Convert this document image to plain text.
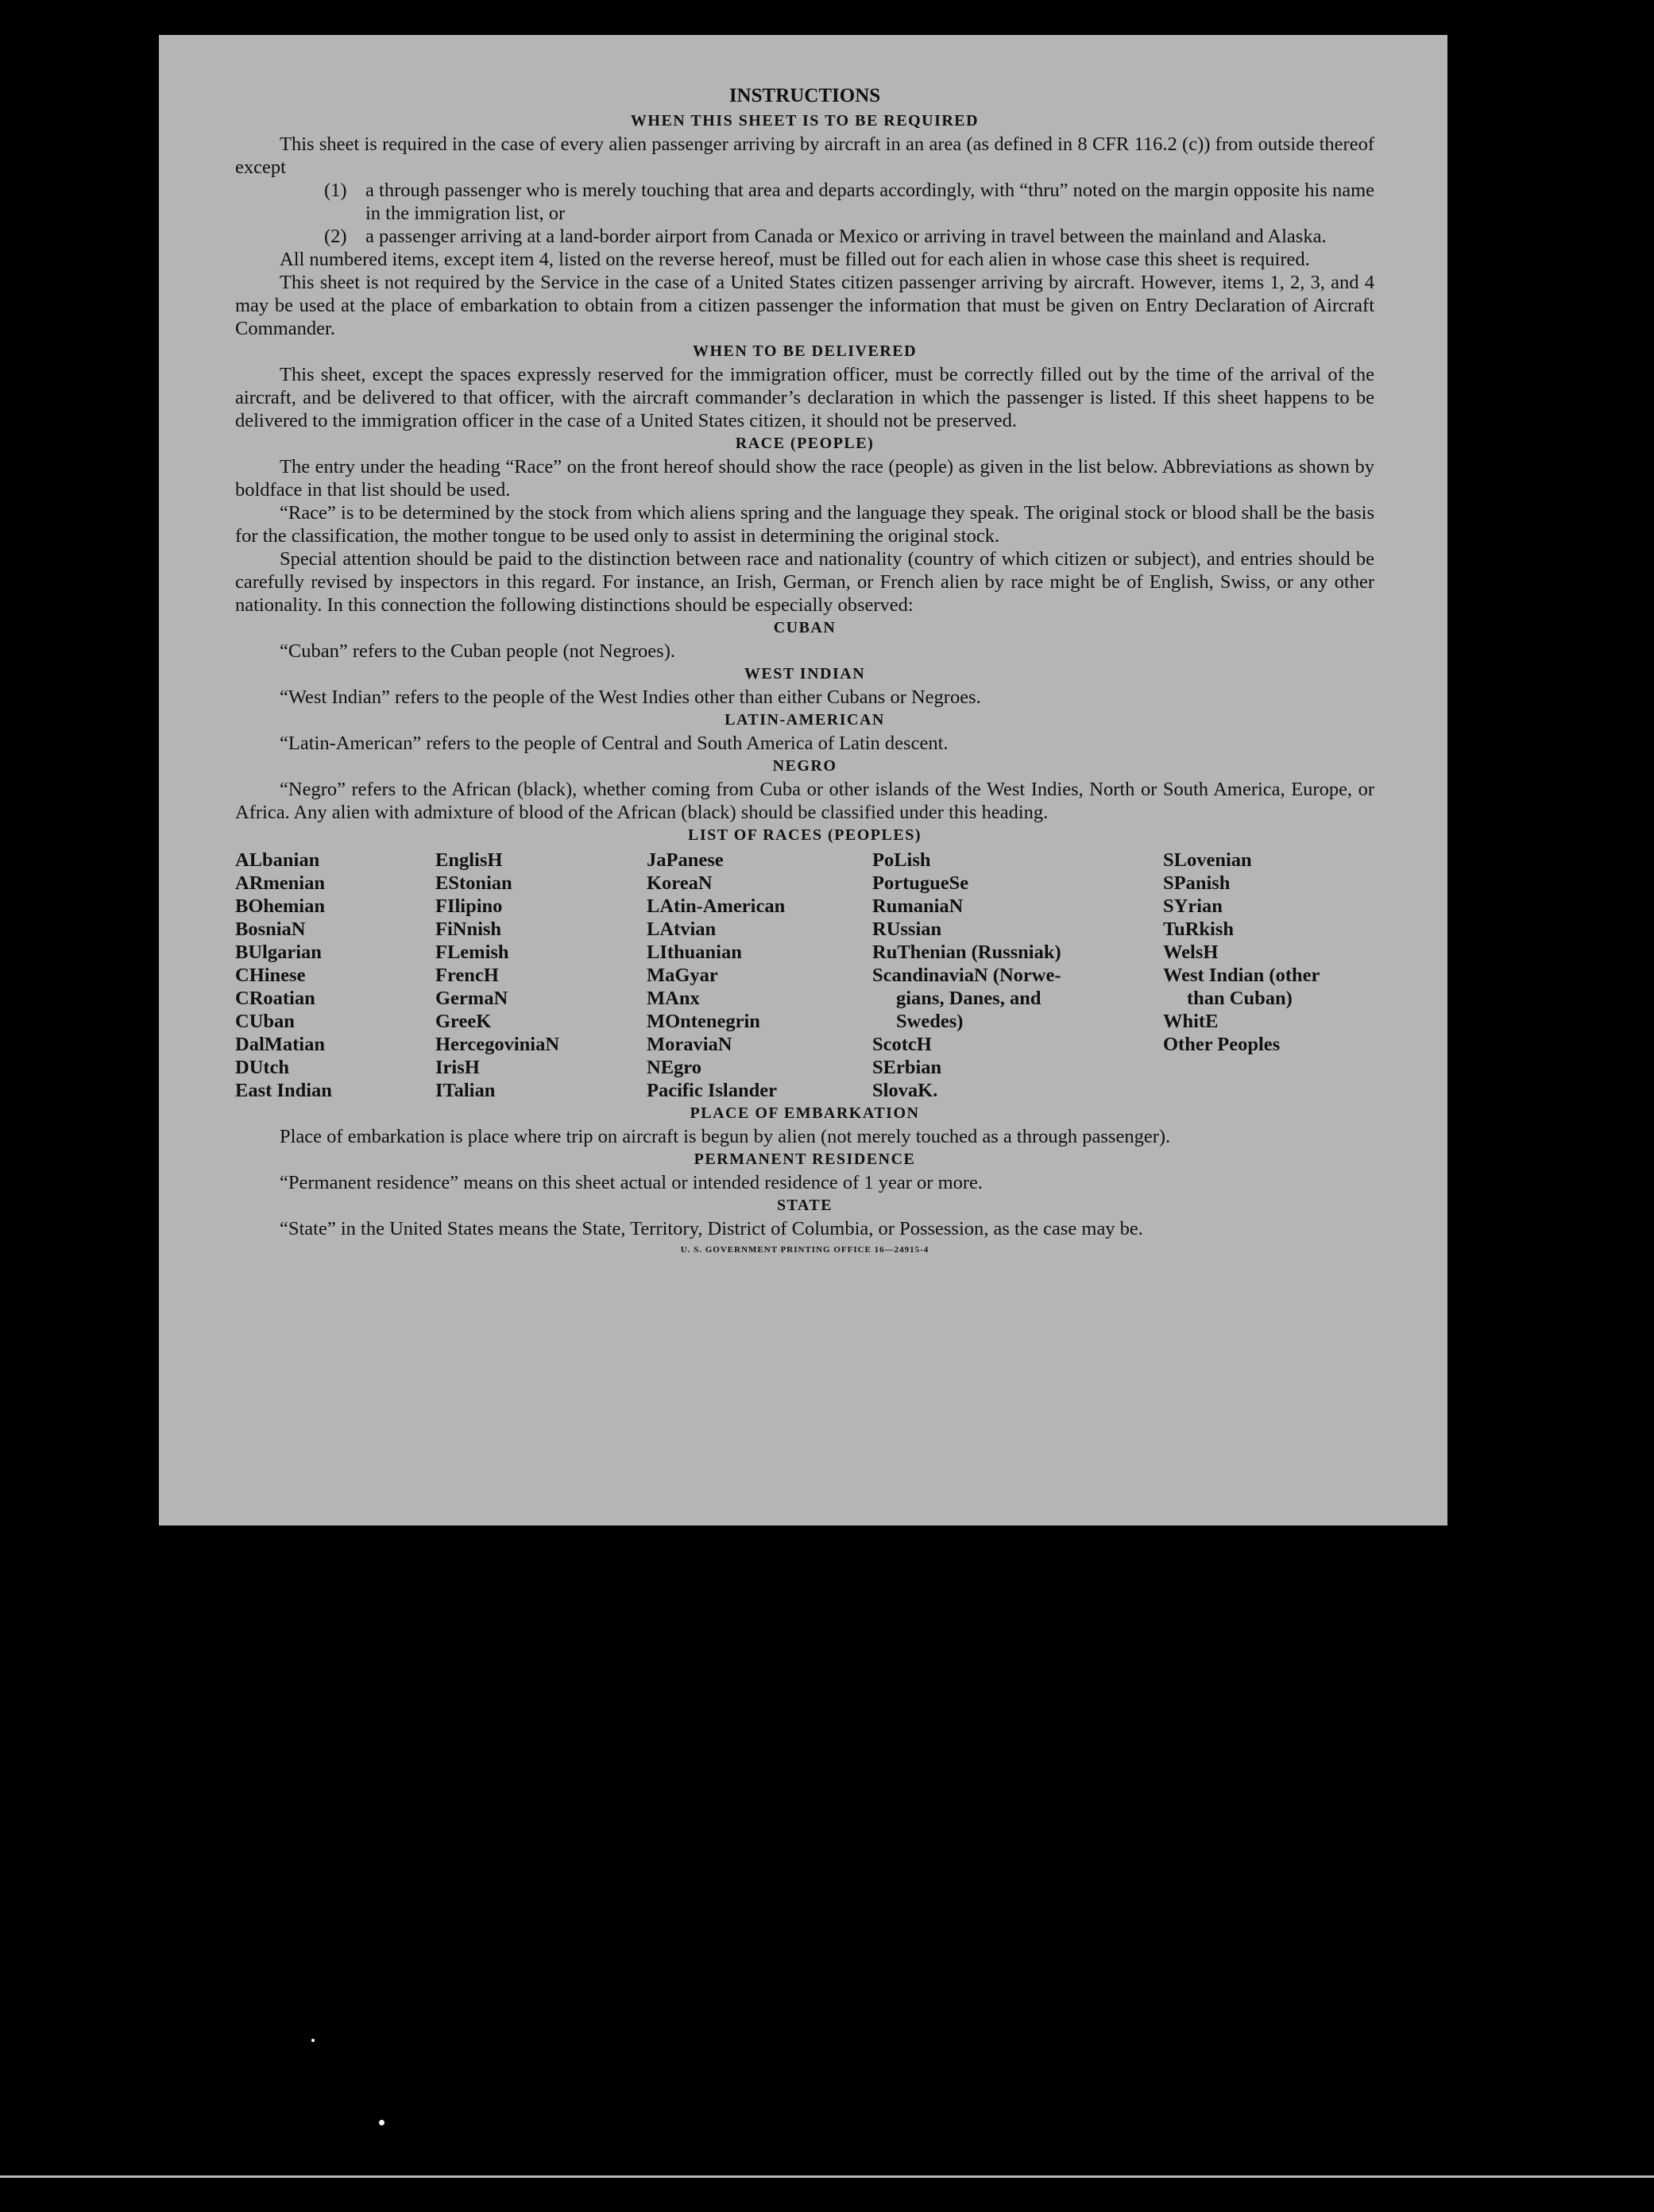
INSTRUCTIONS
WHEN THIS SHEET IS TO BE REQUIRED

This sheet is required in the case of every alien passenger arriving by aircraft in an area (as defined in 8 CFR 116.2 (c)) from outside thereof except

(1) a through passenger who is merely touching that area and departs accordingly, with “thru” noted on the margin opposite his name in the immigration list, or
(2) a passenger arriving at a land-border airport from Canada or Mexico or arriving in travel between the mainland and Alaska.

All numbered items, except item 4, listed on the reverse hereof, must be filled out for each alien in whose case this sheet is required.

This sheet is not required by the Service in the case of a United States citizen passenger arriving by aircraft. However, items 1, 2, 3, and 4 may be used at the place of embarkation to obtain from a citizen passenger the information that must be given on Entry Declaration of Aircraft Commander.

WHEN TO BE DELIVERED

This sheet, except the spaces expressly reserved for the immigration officer, must be correctly filled out by the time of the arrival of the aircraft, and be delivered to that officer, with the aircraft commander’s declaration in which the passenger is listed. If this sheet happens to be delivered to the immigration officer in the case of a United States citizen, it should not be preserved.

RACE (PEOPLE)

The entry under the heading “Race” on the front hereof should show the race (people) as given in the list below. Abbreviations as shown by boldface in that list should be used.

“Race” is to be determined by the stock from which aliens spring and the language they speak. The original stock or blood shall be the basis for the classification, the mother tongue to be used only to assist in determining the original stock.

Special attention should be paid to the distinction between race and nationality (country of which citizen or subject), and entries should be carefully revised by inspectors in this regard. For instance, an Irish, German, or French alien by race might be of English, Swiss, or any other nationality. In this connection the following distinctions should be especially observed:

CUBAN

“Cuban” refers to the Cuban people (not Negroes).

WEST INDIAN

“West Indian” refers to the people of the West Indies other than either Cubans or Negroes.

LATIN-AMERICAN

“Latin-American” refers to the people of Central and South America of Latin descent.

NEGRO

“Negro” refers to the African (black), whether coming from Cuba or other islands of the West Indies, North or South America, Europe, or Africa. Any alien with admixture of blood of the African (black) should be classified under this heading.

LIST OF RACES (PEOPLES)
ALbanian
ARmenian
BOhemian
BosniaN
BUlgarian
CHinese
CRoatian
CUban
DalMatian
DUtch
East Indian
EnglisH
EStonian
FIlipino
FiNnish
FLemish
FrencH
GermaN
GreeK
HercegoviniaN
IrisH
ITalian
JaPanese
KoreaN
LAtin-American
LAtvian
LIthuanian
MaGyar
MAnx
MOntenegrin
MoraviaN
NEgro
Pacific Islander
PoLish
PortugueSe
RumaniaN
RUssian
RuThenian (Russniak)
ScandinaviaN (Norwe-
gians, Danes, and
Swedes)
ScotcH
SErbian
SlovaK.
SLovenian
SPanish
SYrian
TuRkish
WelsH
West Indian (other
than Cuban)
WhitE
Other Peoples
PLACE OF EMBARKATION

Place of embarkation is place where trip on aircraft is begun by alien (not merely touched as a through passenger).

PERMANENT RESIDENCE

“Permanent residence” means on this sheet actual or intended residence of 1 year or more.

STATE

“State” in the United States means the State, Territory, District of Columbia, or Possession, as the case may be.

U. S. GOVERNMENT PRINTING OFFICE 16—24915-4
